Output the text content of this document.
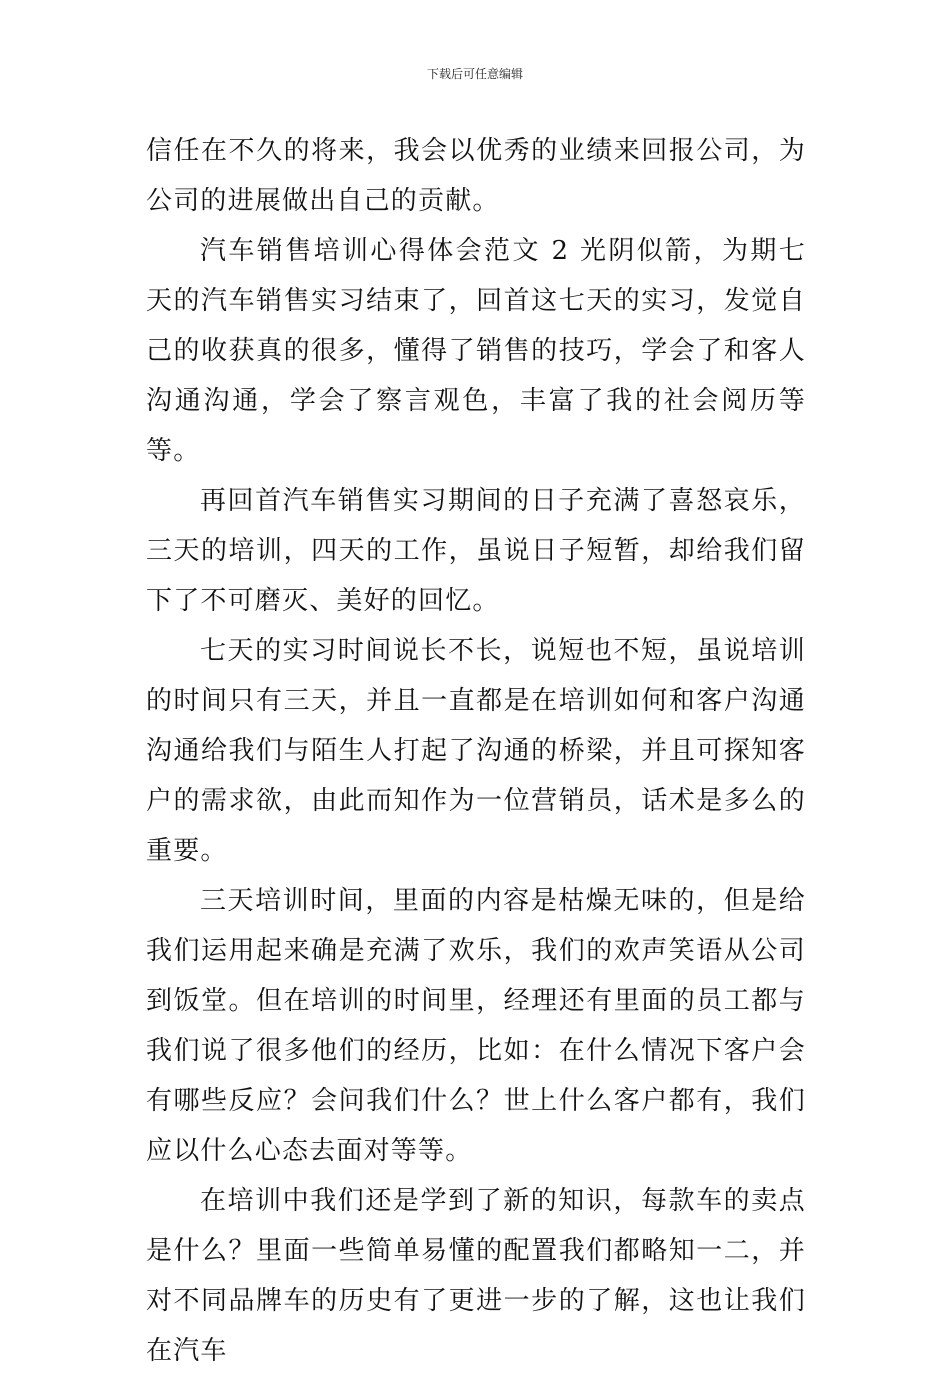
下载后可任意编辑

信任在不久的将来，我会以优秀的业绩来回报公司，为公司的进展做出自己的贡献。

汽车销售培训心得体会范文 2 光阴似箭，为期七天的汽车销售实习结束了，回首这七天的实习，发觉自己的收获真的很多，懂得了销售的技巧，学会了和客人沟通沟通，学会了察言观色，丰富了我的社会阅历等等。

再回首汽车销售实习期间的日子充满了喜怒哀乐，三天的培训，四天的工作，虽说日子短暂，却给我们留下了不可磨灭、美好的回忆。

七天的实习时间说长不长，说短也不短，虽说培训的时间只有三天，并且一直都是在培训如何和客户沟通沟通给我们与陌生人打起了沟通的桥梁，并且可探知客户的需求欲，由此而知作为一位营销员，话术是多么的重要。

三天培训时间，里面的内容是枯燥无味的，但是给我们运用起来确是充满了欢乐，我们的欢声笑语从公司到饭堂。但在培训的时间里，经理还有里面的员工都与我们说了很多他们的经历，比如：在什么情况下客户会有哪些反应？会问我们什么？世上什么客户都有，我们应以什么心态去面对等等。

在培训中我们还是学到了新的知识，每款车的卖点是什么？里面一些简单易懂的配置我们都略知一二，并对不同品牌车的历史有了更进一步的了解，这也让我们在汽车
